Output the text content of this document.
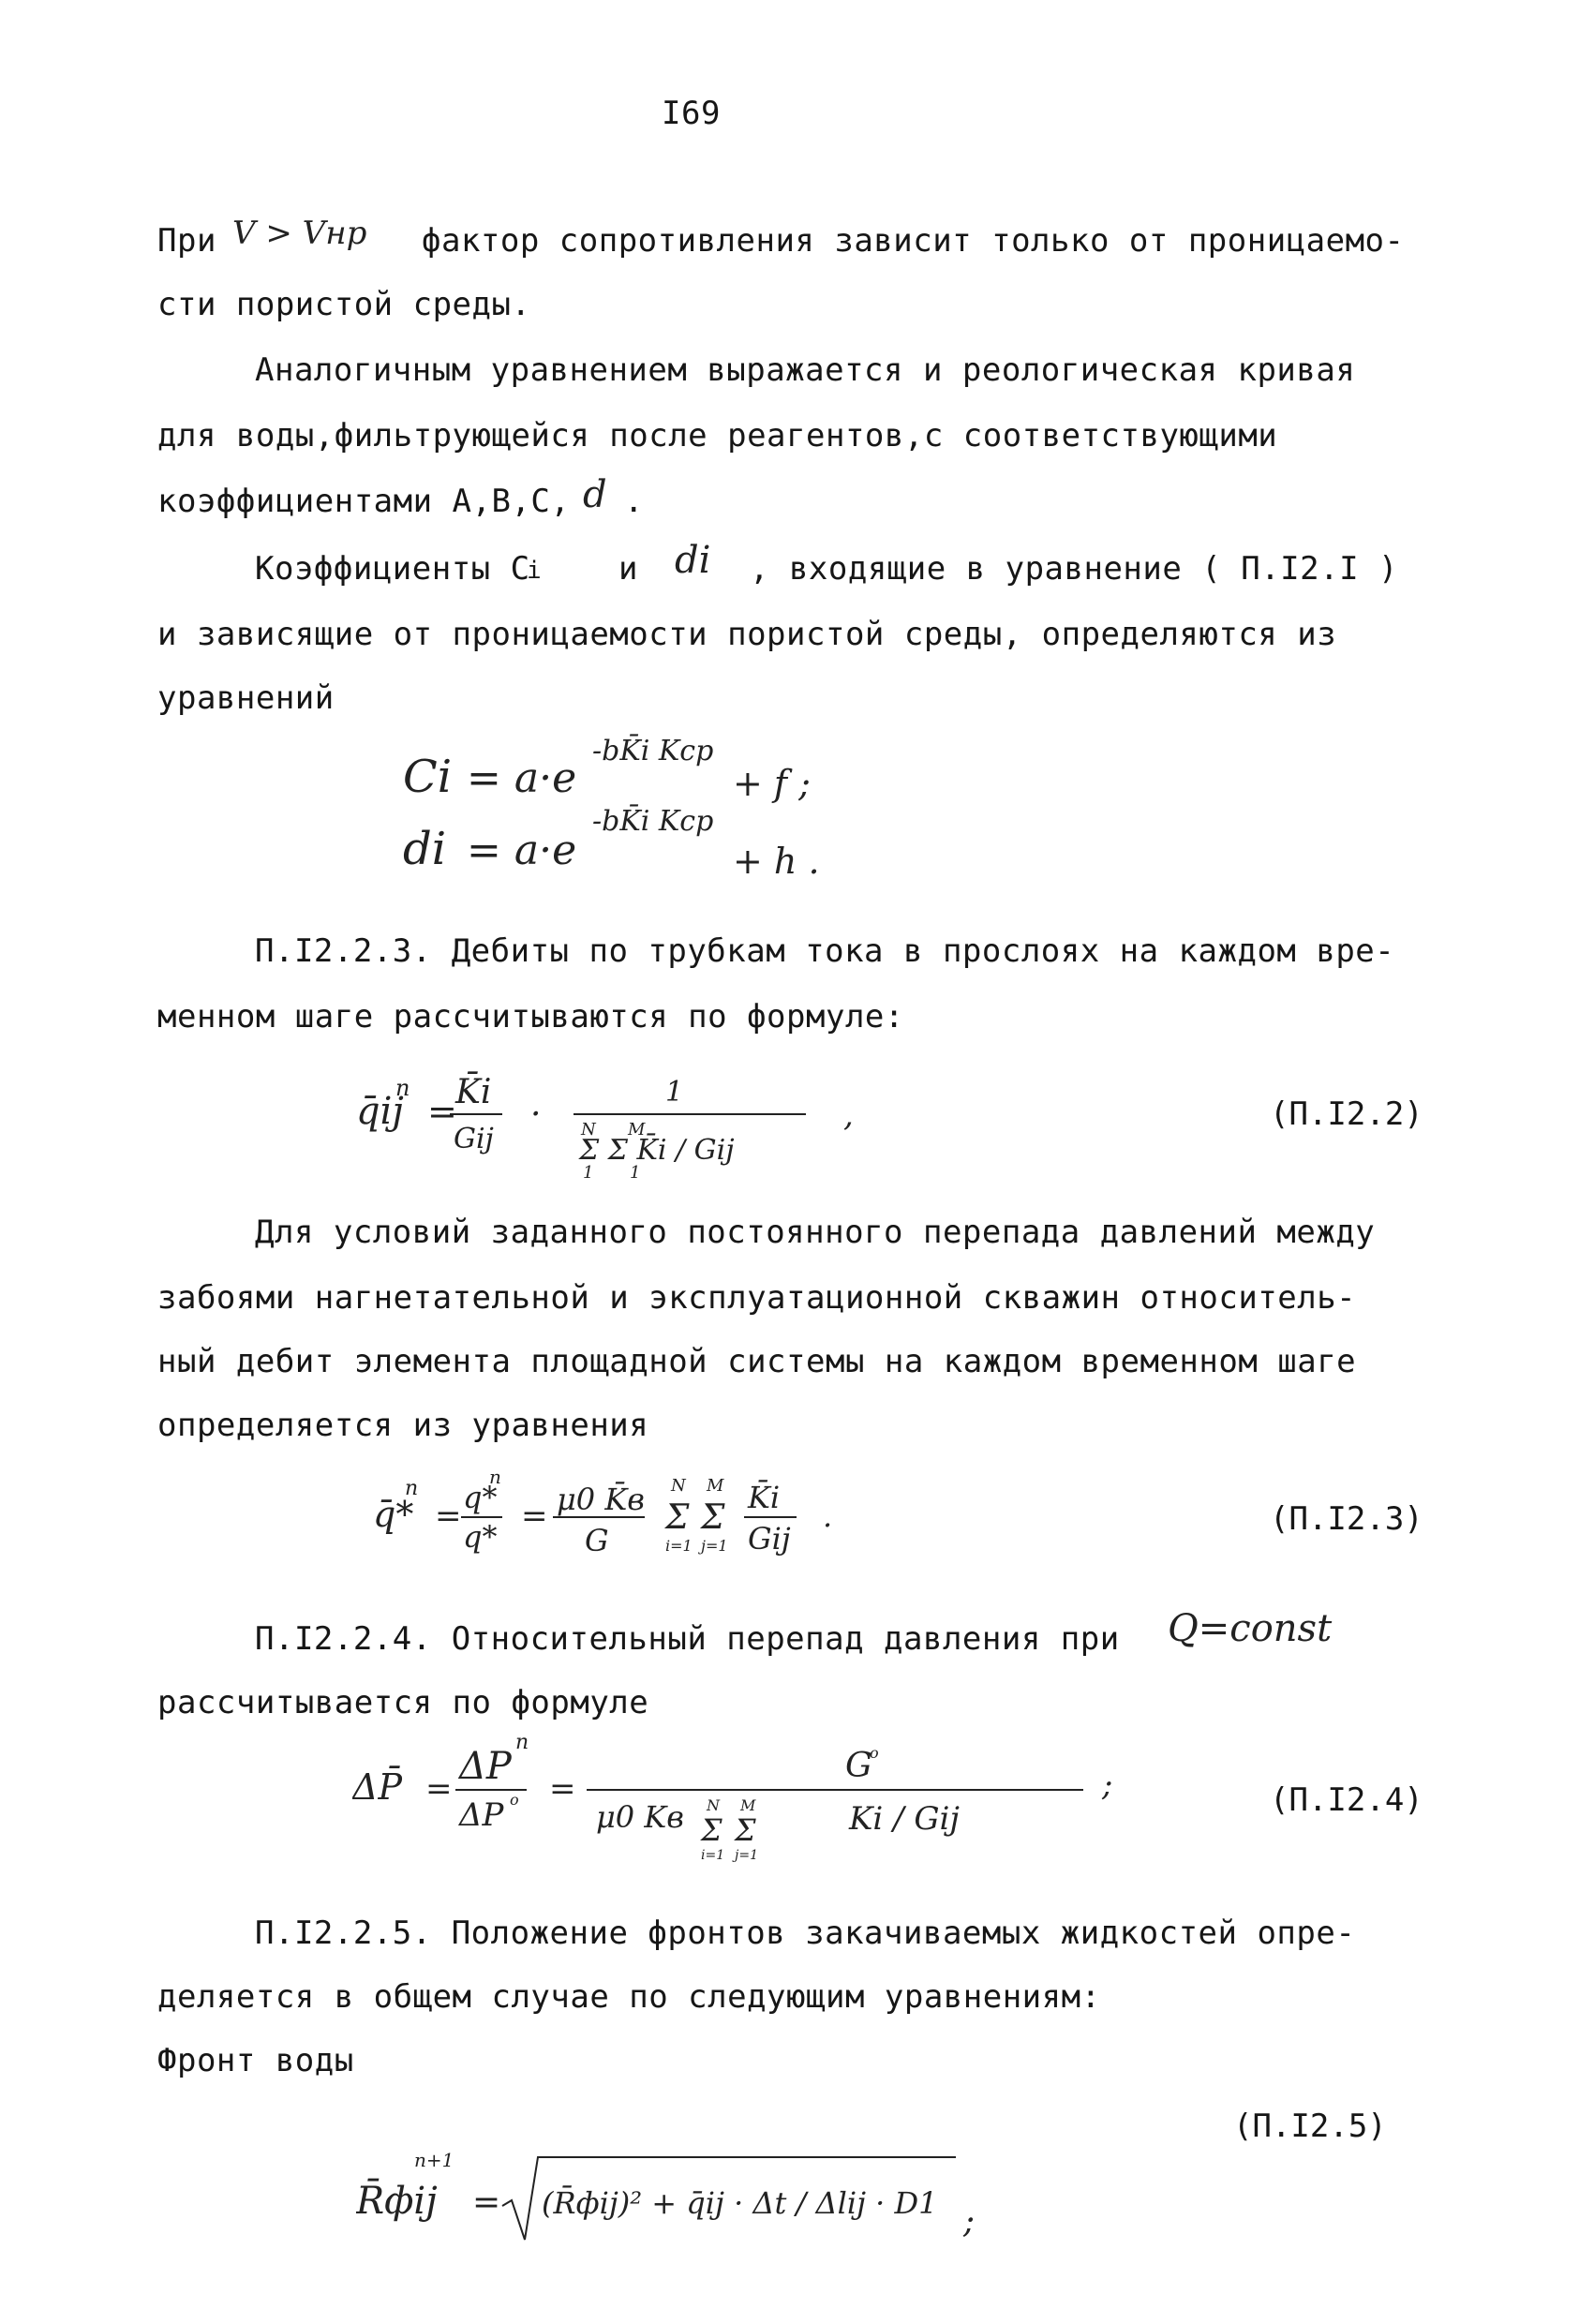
I69
При V > Vнр фактор сопротивления зависит только от проницаемо-
сти пористой среды.
Аналогичным уравнением выражается и реологическая кривая
для воды,фильтрующейся после реагентов,с соответствующими
коэффициентами А,В,С, d .
Коэффициенты С
i и di , входящие в уравнение ( П.I2.I )
и зависящие от проницаемости пористой среды, определяются из
уравнений
Ci = a·e
-bK̄i Kcp
+ f ;
di = a·e
-bK̄i Kcp
+ h .
П.I2.2.3. Дебиты по трубкам тока в прослоях на каждом вре-
менном шаге рассчитываются по формуле:
q̄ij
n
=
K̄i
Gij
·
1
N M
Σ Σ K̄i / Gij
1 1
,	(П.I2.2)
Для условий заданного постоянного перепада давлений между
забоями нагнетательной и эксплуатационной скважин относитель-
ный дебит элемента площадной системы на каждом временном шаге
определяется из уравнения
q̄*
n
= q*
n
q*
= μ0 K̄в
G
N
Σ
i=1
M
Σ
j=1
K̄i
Gij
.	(П.I2.3)
П.I2.2.4. Относительный перепад давления при Q=const
рассчитывается по формуле
ΔP̄ =
ΔP
n
ΔP o =
G
o
μ0 Kв N
Σ
i=1
M
Σ
j=1
Ki / Gij
;	(П.I2.4)
П.I2.2.5. Положение фронтов закачиваемых жидкостей опре-
деляется в общем случае по следующим уравнениям:
Фронт воды
(П.I2.5)
R̄фij
n+1
= (R̄фij)² + q̄ij · Δt / Δlij · D1 ;
